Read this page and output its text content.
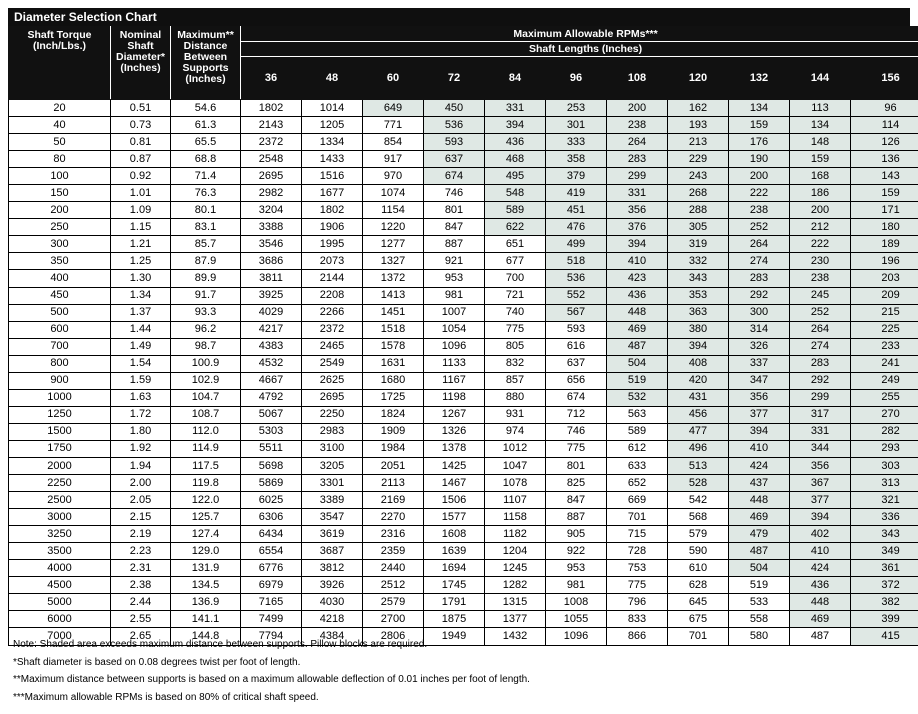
Diameter Selection Chart
Shaft Torque (Inch/Lbs.)	Nominal Shaft Diameter* (Inches)	Maximum** Distance Between Supports (Inches)	Maximum Allowable RPMs***										
			Shaft Lengths (Inches)										
			36	48	60	72	84	96	108	120	132	144	156
20	0.51	54.6	1802	1014	649	450	331	253	200	162	134	113	96
40	0.73	61.3	2143	1205	771	536	394	301	238	193	159	134	114
50	0.81	65.5	2372	1334	854	593	436	333	264	213	176	148	126
80	0.87	68.8	2548	1433	917	637	468	358	283	229	190	159	136
100	0.92	71.4	2695	1516	970	674	495	379	299	243	200	168	143
150	1.01	76.3	2982	1677	1074	746	548	419	331	268	222	186	159
200	1.09	80.1	3204	1802	1154	801	589	451	356	288	238	200	171
250	1.15	83.1	3388	1906	1220	847	622	476	376	305	252	212	180
300	1.21	85.7	3546	1995	1277	887	651	499	394	319	264	222	189
350	1.25	87.9	3686	2073	1327	921	677	518	410	332	274	230	196
400	1.30	89.9	3811	2144	1372	953	700	536	423	343	283	238	203
450	1.34	91.7	3925	2208	1413	981	721	552	436	353	292	245	209
500	1.37	93.3	4029	2266	1451	1007	740	567	448	363	300	252	215
600	1.44	96.2	4217	2372	1518	1054	775	593	469	380	314	264	225
700	1.49	98.7	4383	2465	1578	1096	805	616	487	394	326	274	233
800	1.54	100.9	4532	2549	1631	1133	832	637	504	408	337	283	241
900	1.59	102.9	4667	2625	1680	1167	857	656	519	420	347	292	249
1000	1.63	104.7	4792	2695	1725	1198	880	674	532	431	356	299	255
1250	1.72	108.7	5067	2250	1824	1267	931	712	563	456	377	317	270
1500	1.80	112.0	5303	2983	1909	1326	974	746	589	477	394	331	282
1750	1.92	114.9	5511	3100	1984	1378	1012	775	612	496	410	344	293
2000	1.94	117.5	5698	3205	2051	1425	1047	801	633	513	424	356	303
2250	2.00	119.8	5869	3301	2113	1467	1078	825	652	528	437	367	313
2500	2.05	122.0	6025	3389	2169	1506	1107	847	669	542	448	377	321
3000	2.15	125.7	6306	3547	2270	1577	1158	887	701	568	469	394	336
3250	2.19	127.4	6434	3619	2316	1608	1182	905	715	579	479	402	343
3500	2.23	129.0	6554	3687	2359	1639	1204	922	728	590	487	410	349
4000	2.31	131.9	6776	3812	2440	1694	1245	953	753	610	504	424	361
4500	2.38	134.5	6979	3926	2512	1745	1282	981	775	628	519	436	372
5000	2.44	136.9	7165	4030	2579	1791	1315	1008	796	645	533	448	382
6000	2.55	141.1	7499	4218	2700	1875	1377	1055	833	675	558	469	399
7000	2.65	144.8	7794	4384	2806	1949	1432	1096	866	701	580	487	415
Note: Shaded area exceeds maximum distance between supports. Pillow blocks are required.
*Shaft diameter is based on 0.08 degrees twist per foot of length.
**Maximum distance between supports is based on a maximum allowable deflection of 0.01 inches per foot of length.
***Maximum allowable RPMs is based on 80% of critical shaft speed.
